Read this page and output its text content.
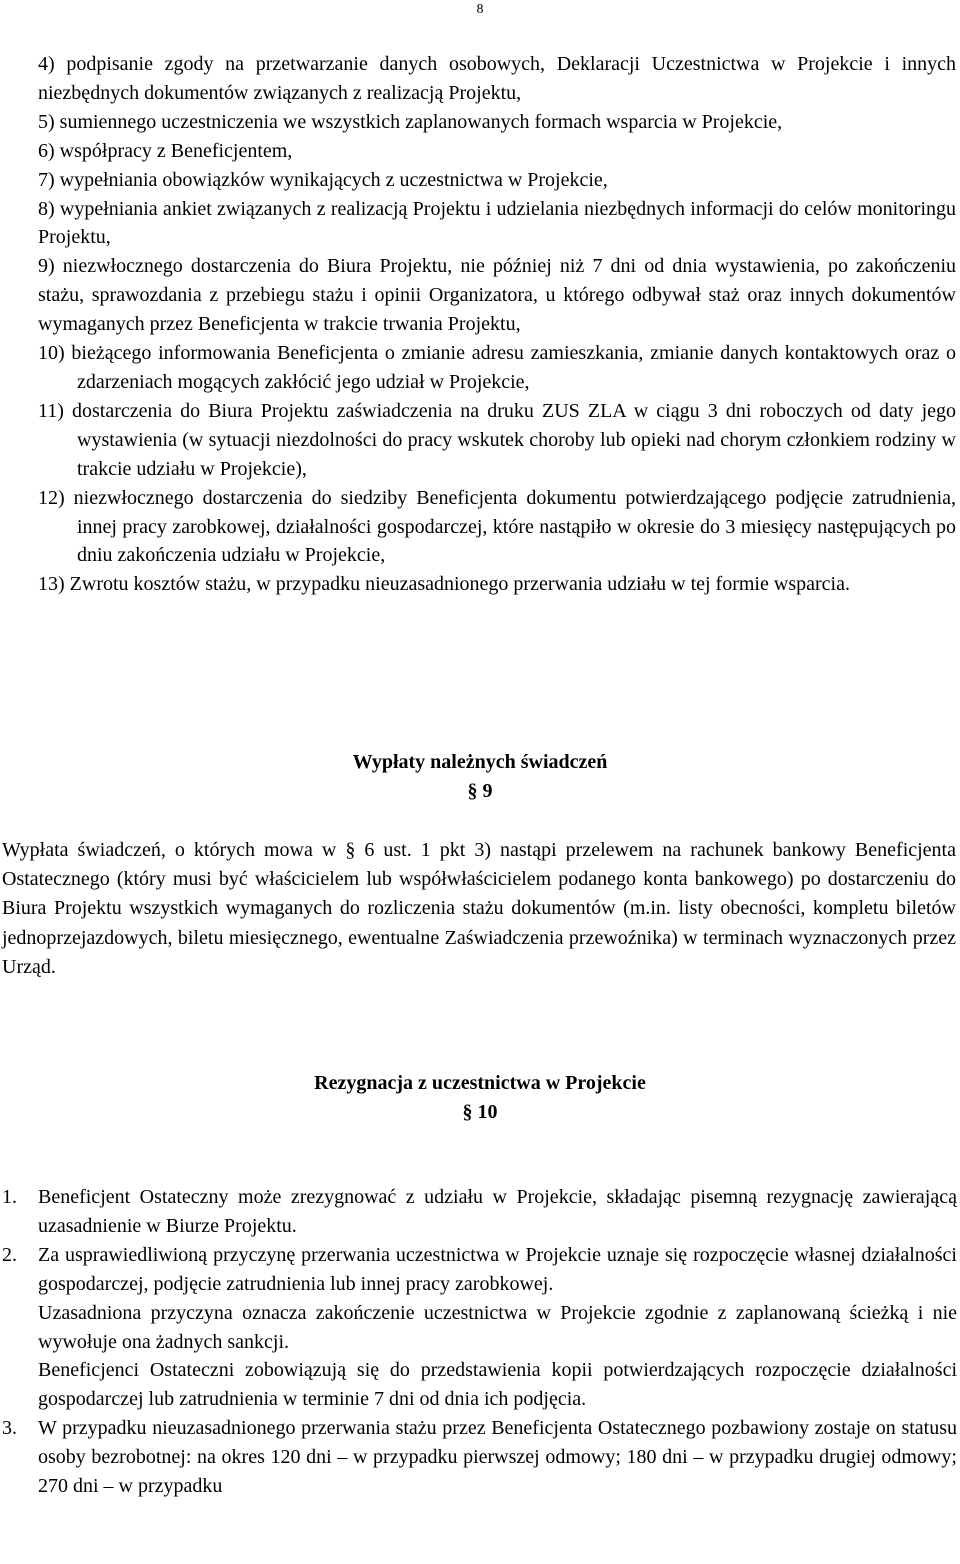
8
4) podpisanie zgody na przetwarzanie danych osobowych, Deklaracji Uczestnictwa w Projekcie i innych niezbędnych dokumentów związanych z realizacją Projektu,
5) sumiennego uczestniczenia we wszystkich zaplanowanych formach wsparcia w Projekcie,
6) współpracy z Beneficjentem,
7) wypełniania obowiązków wynikających z uczestnictwa w Projekcie,
8) wypełniania ankiet związanych z realizacją Projektu i udzielania niezbędnych informacji do celów monitoringu Projektu,
9) niezwłocznego dostarczenia do Biura Projektu, nie później niż 7 dni od dnia wystawienia, po zakończeniu stażu, sprawozdania z przebiegu stażu i opinii Organizatora, u którego odbywał staż oraz innych dokumentów wymaganych przez Beneficjenta w trakcie trwania Projektu,
10) bieżącego informowania Beneficjenta o zmianie adresu zamieszkania, zmianie danych kontaktowych oraz o zdarzeniach mogących zakłócić jego udział w Projekcie,
11) dostarczenia do Biura Projektu zaświadczenia na druku ZUS ZLA w ciągu 3 dni roboczych od daty jego wystawienia (w sytuacji niezdolności do pracy wskutek choroby lub opieki nad chorym członkiem rodziny w trakcie udziału w Projekcie),
12) niezwłocznego dostarczenia do siedziby Beneficjenta dokumentu potwierdzającego podjęcie zatrudnienia, innej pracy zarobkowej, działalności gospodarczej, które nastąpiło w okresie do 3 miesięcy następujących po dniu zakończenia udziału w Projekcie,
13) Zwrotu kosztów stażu, w przypadku nieuzasadnionego przerwania udziału w tej formie wsparcia.
Wypłaty należnych świadczeń
§ 9
Wypłata świadczeń, o których mowa w § 6 ust. 1 pkt 3) nastąpi przelewem na rachunek bankowy Beneficjenta Ostatecznego (który musi być właścicielem lub współwłaścicielem podanego konta bankowego) po dostarczeniu do Biura Projektu wszystkich wymaganych do rozliczenia stażu dokumentów (m.in. listy obecności, kompletu biletów jednoprzejazdowych, biletu miesięcznego, ewentualne Zaświadczenia przewoźnika) w terminach wyznaczonych przez Urząd.
Rezygnacja z uczestnictwa w Projekcie
§ 10
1. Beneficjent Ostateczny może zrezygnować z udziału w Projekcie, składając pisemną rezygnację zawierającą uzasadnienie w Biurze Projektu.

2. Za usprawiedliwioną przyczynę przerwania uczestnictwa w Projekcie uznaje się rozpoczęcie własnej działalności gospodarczej, podjęcie zatrudnienia lub innej pracy zarobkowej.

Uzasadniona przyczyna oznacza zakończenie uczestnictwa w Projekcie zgodnie z zaplanowaną ścieżką i nie wywołuje ona żadnych sankcji.

Beneficjenci Ostateczni zobowiązują się do przedstawienia kopii potwierdzających rozpoczęcie działalności gospodarczej lub zatrudnienia w terminie 7 dni od dnia ich podjęcia.

3. W przypadku nieuzasadnionego przerwania stażu przez Beneficjenta Ostatecznego pozbawiony zostaje on statusu osoby bezrobotnej: na okres 120 dni – w przypadku pierwszej odmowy; 180 dni – w przypadku drugiej odmowy; 270 dni – w przypadku
